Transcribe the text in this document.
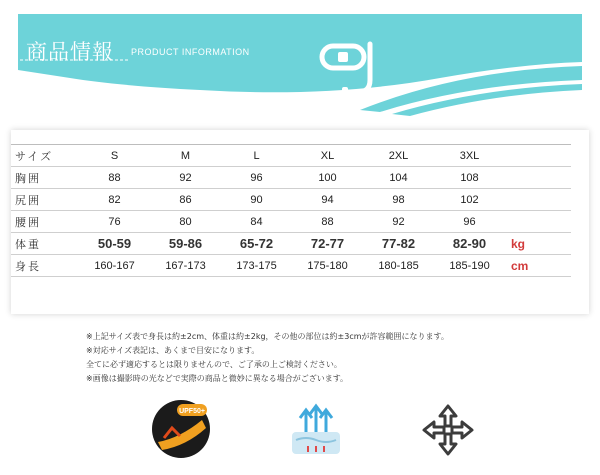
商品情報 PRODUCT INFORMATION
サイズ	S	M	L	XL	2XL	3XL	
胸囲	88	92	96	100	104	108	
尻囲	82	86	90	94	98	102	
腰囲	76	80	84	88	92	96	
体重	50-59	59-86	65-72	72-77	77-82	82-90	kg
身長	160-167	167-173	173-175	175-180	180-185	185-190	cm
※上記サイズ表で身長は約±2cm、体重は約±2kg，その他の部位は約±3cmが許容範囲になります。
※対応サイズ表記は、あくまで目安になります。
全てに必ず適応するとは限りませんので、ご了承の上ご検討ください。
※画像は撮影時の光などで実際の商品と微妙に異なる場合がございます。
UPF50+
